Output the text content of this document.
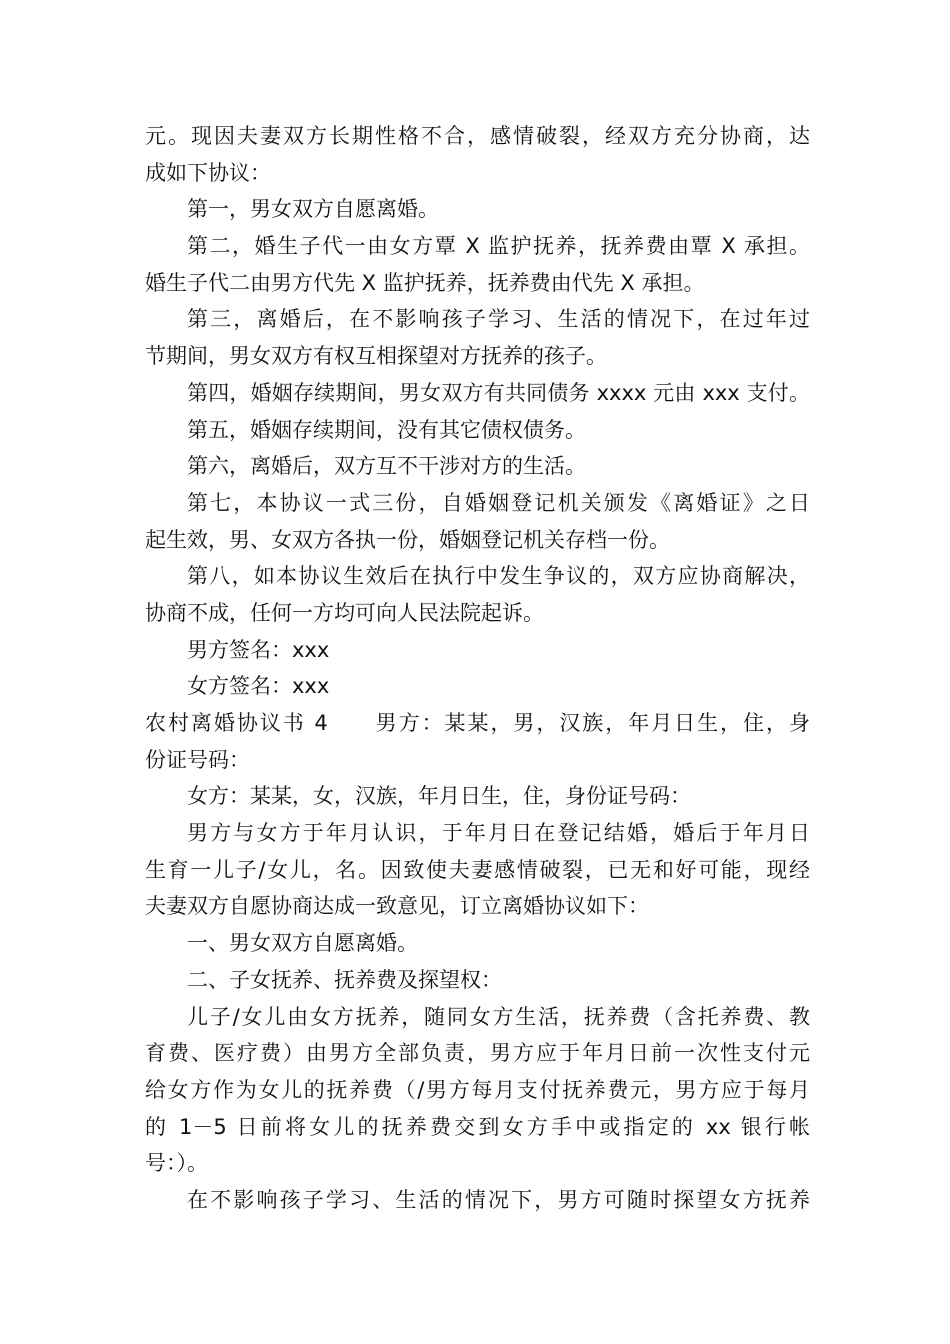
元。现因夫妻双方长期性格不合，感情破裂，经双方充分协商，达
成如下协议：
第一，男女双方自愿离婚。
第二，婚生子代一由女方覃 X 监护抚养，抚养费由覃 X 承担。
婚生子代二由男方代先 X 监护抚养，抚养费由代先 X 承担。
第三，离婚后，在不影响孩子学习、生活的情况下，在过年过
节期间，男女双方有权互相探望对方抚养的孩子。
第四，婚姻存续期间，男女双方有共同债务 xxxx 元由 xxx 支付。
第五，婚姻存续期间，没有其它债权债务。
第六，离婚后，双方互不干涉对方的生活。
第七，本协议一式三份，自婚姻登记机关颁发《离婚证》之日
起生效，男、女双方各执一份，婚姻登记机关存档一份。
第八，如本协议生效后在执行中发生争议的，双方应协商解决，
协商不成，任何一方均可向人民法院起诉。
男方签名：xxx
女方签名：xxx
农村离婚协议书 4　　男方：某某，男，汉族，年月日生，住，身
份证号码：
女方：某某，女，汉族，年月日生，住，身份证号码：
男方与女方于年月认识，于年月日在登记结婚，婚后于年月日
生育一儿子/女儿，名。因致使夫妻感情破裂，已无和好可能，现经
夫妻双方自愿协商达成一致意见，订立离婚协议如下：
一、男女双方自愿离婚。
二、子女抚养、抚养费及探望权：
儿子/女儿由女方抚养，随同女方生活，抚养费（含托养费、教
育费、医疗费）由男方全部负责，男方应于年月日前一次性支付元
给女方作为女儿的抚养费（/男方每月支付抚养费元，男方应于每月
的 1－5 日前将女儿的抚养费交到女方手中或指定的 xx 银行帐
号：）。
在不影响孩子学习、生活的情况下，男方可随时探望女方抚养
